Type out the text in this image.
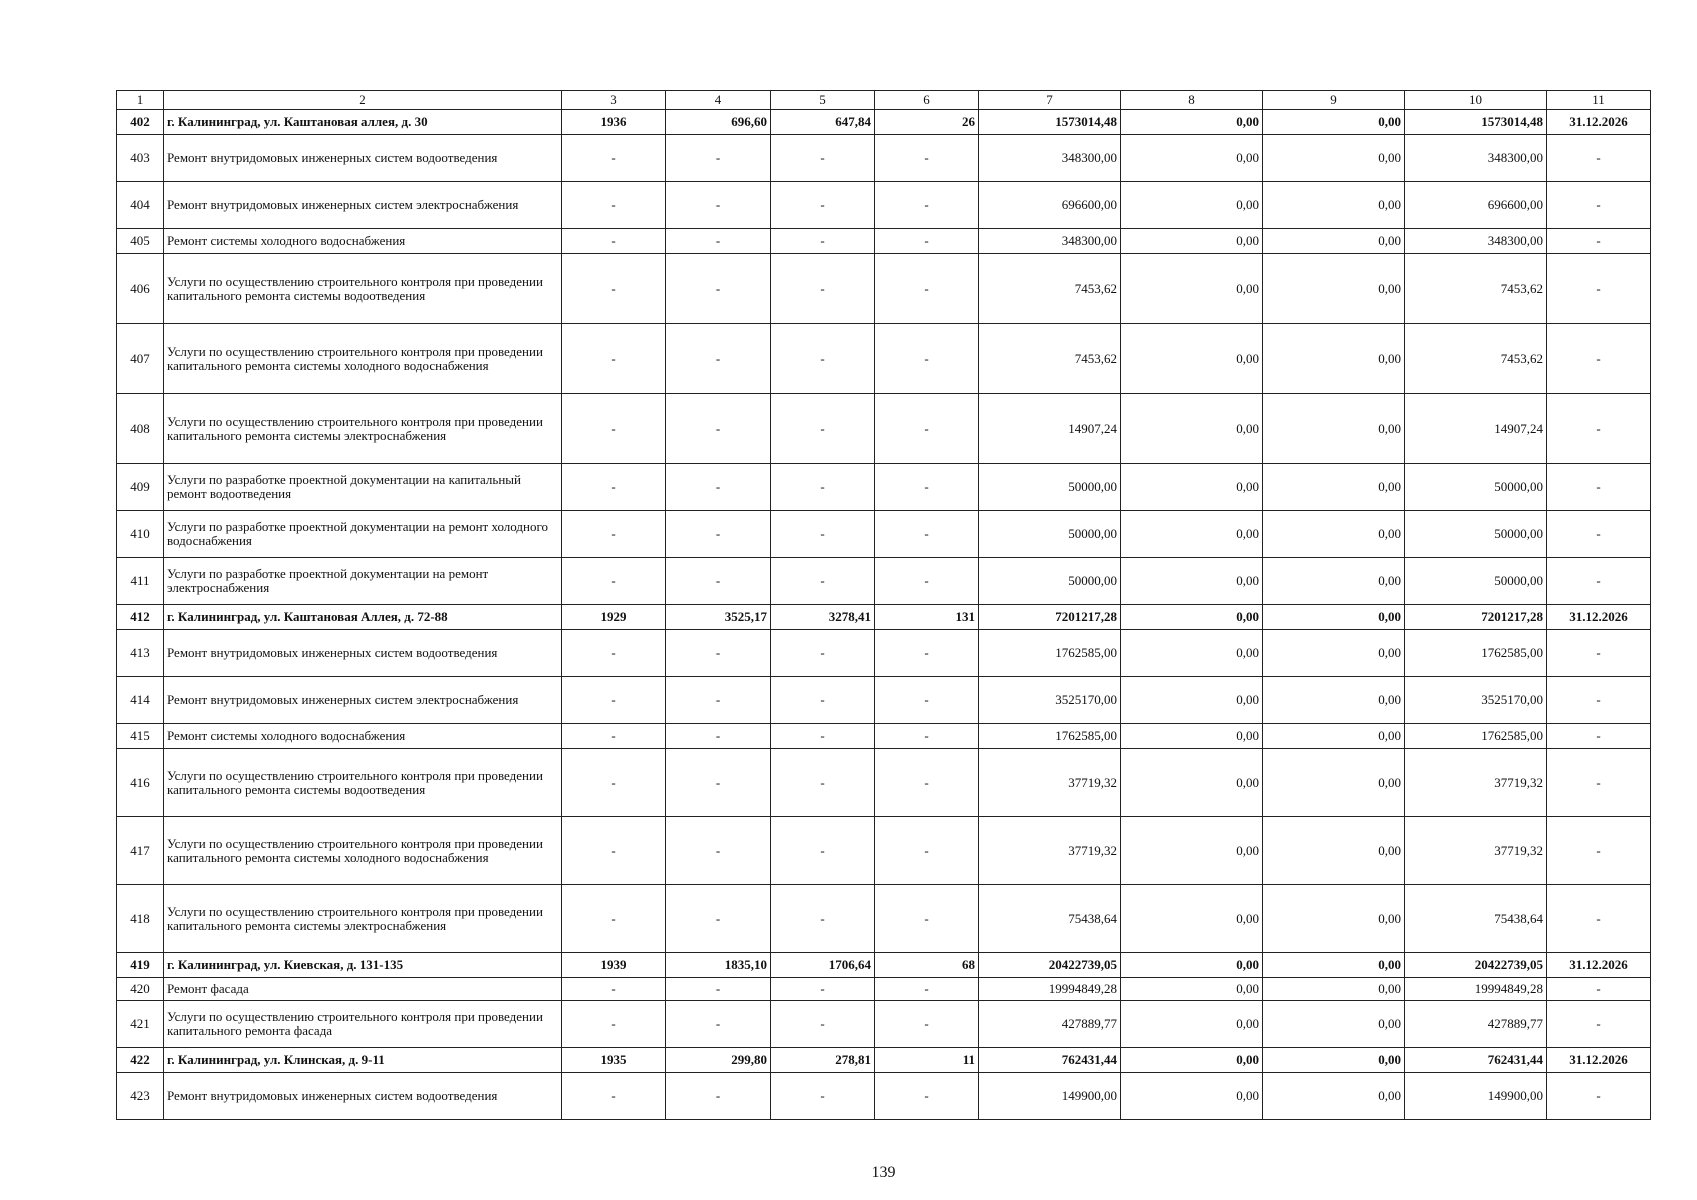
1	2	3	4	5	6	7	8	9	10	11
402	г. Калининград, ул. Каштановая аллея, д. 30	1936	696,60	647,84	26	1573014,48	0,00	0,00	1573014,48	31.12.2026
403	Ремонт внутридомовых инженерных систем водоотведения	-	-	-	-	348300,00	0,00	0,00	348300,00	-
404	Ремонт внутридомовых инженерных систем электроснабжения	-	-	-	-	696600,00	0,00	0,00	696600,00	-
405	Ремонт системы холодного водоснабжения	-	-	-	-	348300,00	0,00	0,00	348300,00	-
406	Услуги по осуществлению строительного контроля при проведении капитального ремонта системы водоотведения	-	-	-	-	7453,62	0,00	0,00	7453,62	-
407	Услуги по осуществлению строительного контроля при проведении капитального ремонта системы холодного водоснабжения	-	-	-	-	7453,62	0,00	0,00	7453,62	-
408	Услуги по осуществлению строительного контроля при проведении капитального ремонта системы электроснабжения	-	-	-	-	14907,24	0,00	0,00	14907,24	-
409	Услуги по разработке проектной документации на капитальный ремонт водоотведения	-	-	-	-	50000,00	0,00	0,00	50000,00	-
410	Услуги по разработке проектной документации на ремонт холодного водоснабжения	-	-	-	-	50000,00	0,00	0,00	50000,00	-
411	Услуги по разработке проектной документации на ремонт электроснабжения	-	-	-	-	50000,00	0,00	0,00	50000,00	-
412	г. Калининград, ул. Каштановая Аллея, д. 72-88	1929	3525,17	3278,41	131	7201217,28	0,00	0,00	7201217,28	31.12.2026
413	Ремонт внутридомовых инженерных систем водоотведения	-	-	-	-	1762585,00	0,00	0,00	1762585,00	-
414	Ремонт внутридомовых инженерных систем электроснабжения	-	-	-	-	3525170,00	0,00	0,00	3525170,00	-
415	Ремонт системы холодного водоснабжения	-	-	-	-	1762585,00	0,00	0,00	1762585,00	-
416	Услуги по осуществлению строительного контроля при проведении капитального ремонта системы водоотведения	-	-	-	-	37719,32	0,00	0,00	37719,32	-
417	Услуги по осуществлению строительного контроля при проведении капитального ремонта системы холодного водоснабжения	-	-	-	-	37719,32	0,00	0,00	37719,32	-
418	Услуги по осуществлению строительного контроля при проведении капитального ремонта системы электроснабжения	-	-	-	-	75438,64	0,00	0,00	75438,64	-
419	г. Калининград, ул. Киевская, д. 131-135	1939	1835,10	1706,64	68	20422739,05	0,00	0,00	20422739,05	31.12.2026
420	Ремонт фасада	-	-	-	-	19994849,28	0,00	0,00	19994849,28	-
421	Услуги по осуществлению строительного контроля при проведении капитального ремонта фасада	-	-	-	-	427889,77	0,00	0,00	427889,77	-
422	г. Калининград, ул. Клинская, д. 9-11	1935	299,80	278,81	11	762431,44	0,00	0,00	762431,44	31.12.2026
423	Ремонт внутридомовых инженерных систем водоотведения	-	-	-	-	149900,00	0,00	0,00	149900,00	-
139
